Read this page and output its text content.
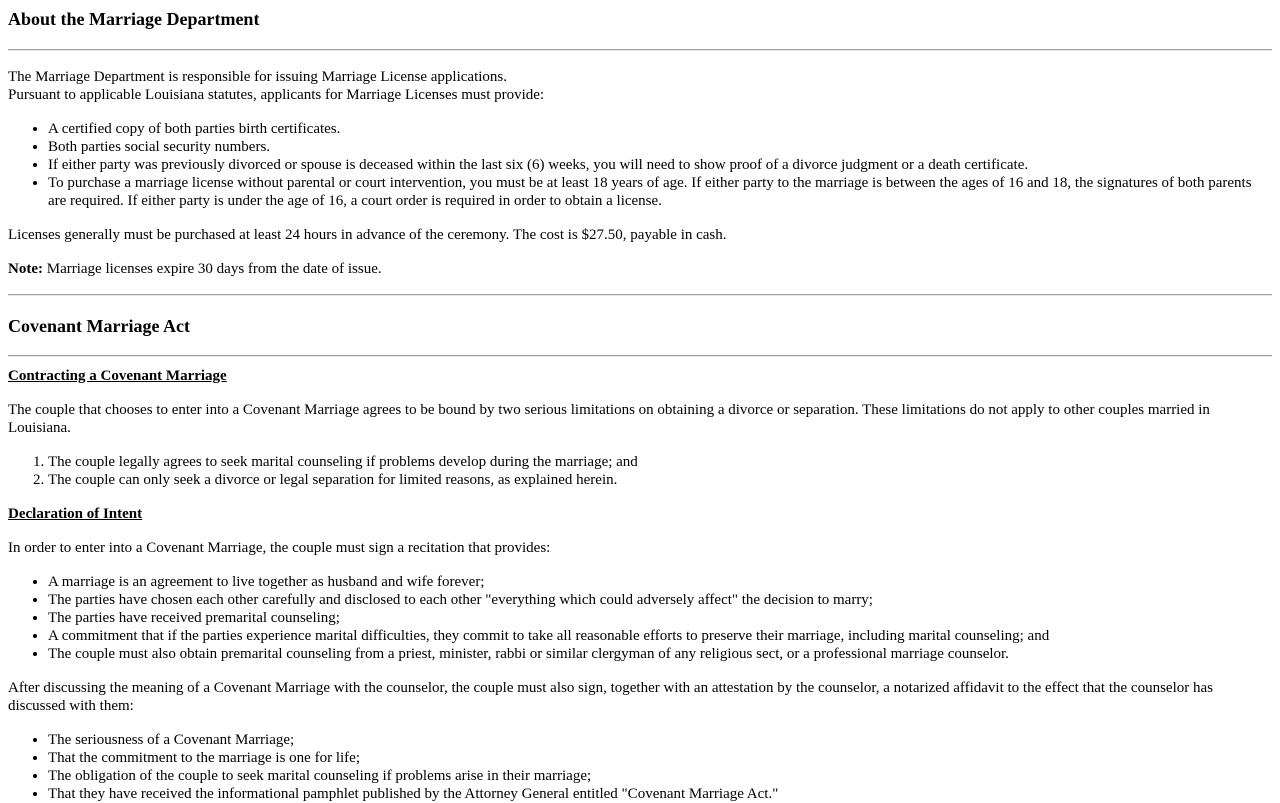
About the Marriage Department

The Marriage Department is responsible for issuing Marriage License applications.

Pursuant to applicable Louisiana statutes, applicants for Marriage Licenses must provide:

• A certified copy of both parties birth certificates.
• Both parties social security numbers.
• If either party was previously divorced or spouse is deceased within the last six (6) weeks, you will need to show proof of a divorce judgment or a death certificate.
• To purchase a marriage license without parental or court intervention, you must be at least 18 years of age. If either party to the marriage is between the ages of 16 and 18, the signatures of both parents are required. If either party is under the age of 16, a court order is required in order to obtain a license.

Licenses generally must be purchased at least 24 hours in advance of the ceremony. The cost is $27.50, payable in cash.

Note: Marriage licenses expire 30 days from the date of issue.

Covenant Marriage Act

Contracting a Covenant Marriage

The couple that chooses to enter into a Covenant Marriage agrees to be bound by two serious limitations on obtaining a divorce or separation. These limitations do not apply to other couples married in Louisiana.

1. The couple legally agrees to seek marital counseling if problems develop during the marriage; and
2. The couple can only seek a divorce or legal separation for limited reasons, as explained herein.

Declaration of Intent

In order to enter into a Covenant Marriage, the couple must sign a recitation that provides:

• A marriage is an agreement to live together as husband and wife forever;
• The parties have chosen each other carefully and disclosed to each other "everything which could adversely affect" the decision to marry;
• The parties have received premarital counseling;
• A commitment that if the parties experience marital difficulties, they commit to take all reasonable efforts to preserve their marriage, including marital counseling; and
• The couple must also obtain premarital counseling from a priest, minister, rabbi or similar clergyman of any religious sect, or a professional marriage counselor.

After discussing the meaning of a Covenant Marriage with the counselor, the couple must also sign, together with an attestation by the counselor, a notarized affidavit to the effect that the counselor has discussed with them:

• The seriousness of a Covenant Marriage;
• That the commitment to the marriage is one for life;
• The obligation of the couple to seek marital counseling if problems arise in their marriage;
• That they have received the informational pamphlet published by the Attorney General entitled "Covenant Marriage Act."
